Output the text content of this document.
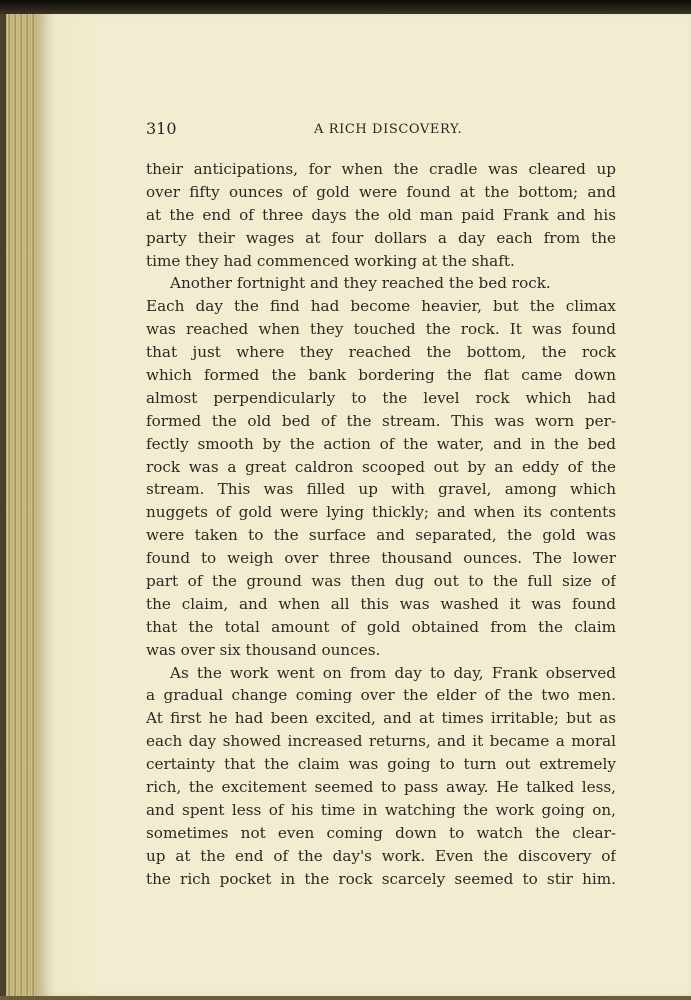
310	A RICH DISCOVERY.
their anticipations, for when the cradle was cleared up
over fifty ounces of gold were found at the bottom; and
at the end of three days the old man paid Frank and his
party their wages at four dollars a day each from the
time they had commenced working at the shaft.
Another fortnight and they reached the bed rock.
Each day the find had become heavier, but the climax
was reached when they touched the rock. It was found
that just where they reached the bottom, the rock
which formed the bank bordering the flat came down
almost perpendicularly to the level rock which had
formed the old bed of the stream. This was worn per-
fectly smooth by the action of the water, and in the bed
rock was a great caldron scooped out by an eddy of the
stream. This was filled up with gravel, among which
nuggets of gold were lying thickly; and when its contents
were taken to the surface and separated, the gold was
found to weigh over three thousand ounces. The lower
part of the ground was then dug out to the full size of
the claim, and when all this was washed it was found
that the total amount of gold obtained from the claim
was over six thousand ounces.
As the work went on from day to day, Frank observed
a gradual change coming over the elder of the two men.
At first he had been excited, and at times irritable; but as
each day showed increased returns, and it became a moral
certainty that the claim was going to turn out extremely
rich, the excitement seemed to pass away. He talked less,
and spent less of his time in watching the work going on,
sometimes not even coming down to watch the clear-
up at the end of the day's work. Even the discovery of
the rich pocket in the rock scarcely seemed to stir him.
